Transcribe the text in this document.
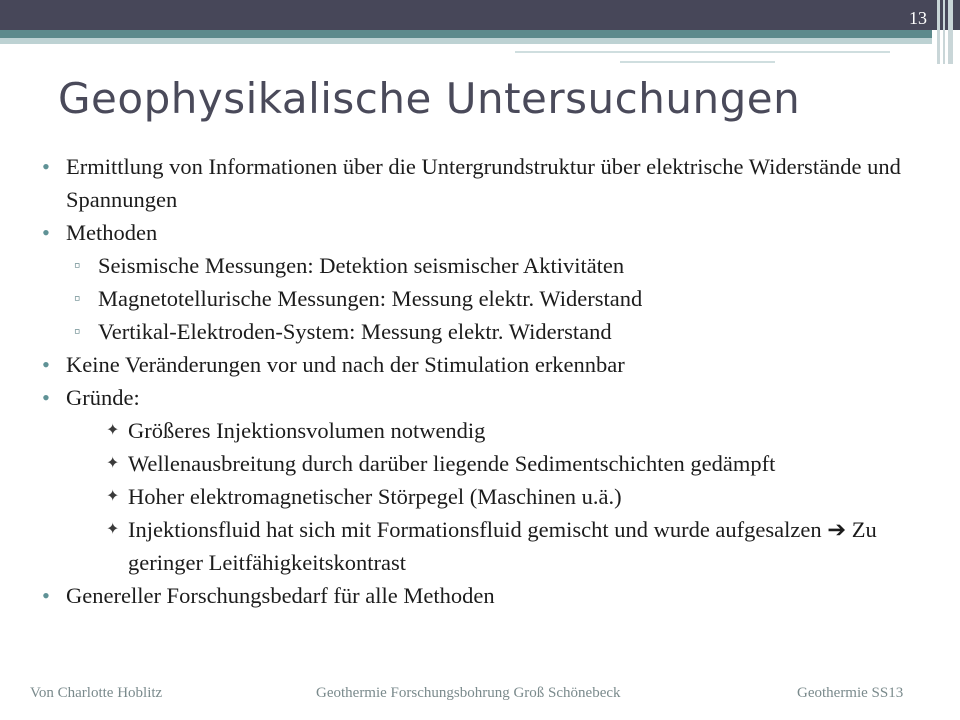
13
Geophysikalische Untersuchungen
• Ermittlung von Informationen über die Untergrundstruktur über elektrische Widerstände und Spannungen
• Methoden
▫ Seismische Messungen: Detektion seismischer Aktivitäten
▫ Magnetotellurische Messungen: Messung elektr. Widerstand
▫ Vertikal-Elektroden-System: Messung elektr. Widerstand
• Keine Veränderungen vor und nach der Stimulation erkennbar
• Gründe:
✦ Größeres Injektionsvolumen notwendig
✦ Wellenausbreitung durch darüber liegende Sedimentschichten gedämpft
✦ Hoher elektromagnetischer Störpegel (Maschinen u.ä.)
✦ Injektionsfluid hat sich mit Formationsfluid gemischt und wurde aufgesalzen ➔ Zu geringer Leitfähigkeitskontrast
• Genereller Forschungsbedarf für alle Methoden
Von Charlotte Hoblitz	Geothermie Forschungsbohrung Groß Schönebeck	Geothermie SS13
